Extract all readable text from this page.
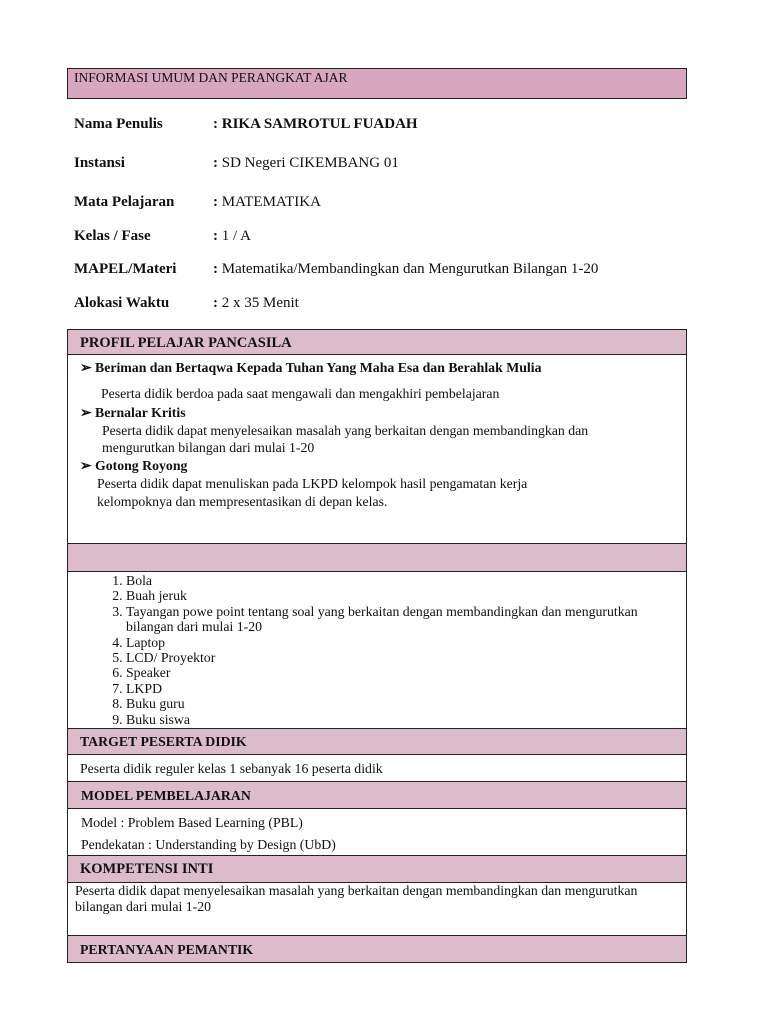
INFORMASI UMUM DAN PERANGKAT AJAR
Nama Penulis	: RIKA SAMROTUL FUADAH
Instansi	: SD Negeri CIKEMBANG 01
Mata Pelajaran	: MATEMATIKA
Kelas / Fase	: 1 / A
MAPEL/Materi : Matematika/Membandingkan dan Mengurutkan Bilangan 1-20
Alokasi Waktu	: 2 x 35 Menit
PROFIL PELAJAR PANCASILA
➢ Beriman dan Bertaqwa Kepada Tuhan Yang Maha Esa dan Berahlak Mulia
Peserta didik berdoa pada saat mengawali dan mengakhiri pembelajaran
➢ Bernalar Kritis
Peserta didik dapat menyelesaikan masalah yang berkaitan dengan membandingkan dan
mengurutkan bilangan dari mulai 1-20
➢ Gotong Royong
Peserta didik dapat menuliskan pada LKPD kelompok hasil pengamatan kerja
kelompoknya dan mempresentasikan di depan kelas.
1. Bola
2. Buah jeruk
3. Tayangan powe point tentang soal yang berkaitan dengan membandingkan dan mengurutkan bilangan dari mulai 1-20
4. Laptop
5. LCD/ Proyektor
6. Speaker
7. LKPD
8. Buku guru
9. Buku siswa
TARGET PESERTA DIDIK
Peserta didik reguler kelas 1 sebanyak 16 peserta didik
MODEL PEMBELAJARAN
Model : Problem Based Learning (PBL)
Pendekatan : Understanding by Design (UbD)
KOMPETENSI INTI
Peserta didik dapat menyelesaikan masalah yang berkaitan dengan membandingkan dan mengurutkan
bilangan dari mulai 1-20
PERTANYAAN PEMANTIK
